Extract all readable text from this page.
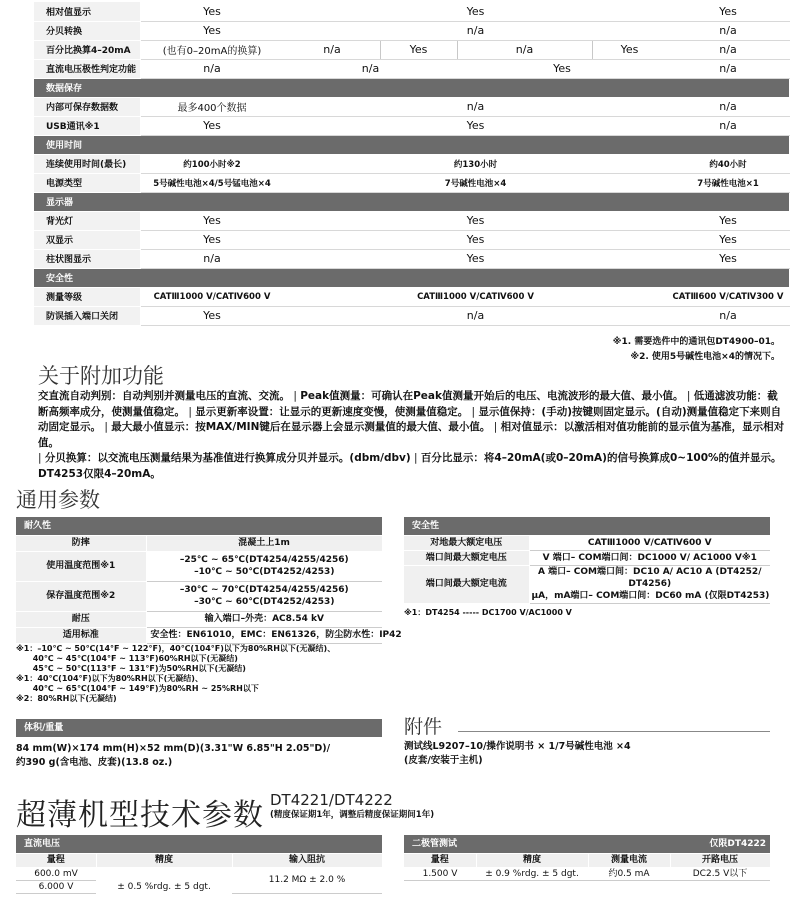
相对值显示	Yes	Yes				Yes
分贝转换	Yes	n/a				n/a
百分比换算4–20mA	(也有0–20mA的换算)	n/a	Yes	n/a	Yes	n/a
直流电压极性判定功能	n/a	n/a		Yes		n/a
数据保存						
内部可保存数据数	最多400个数据	n/a				n/a
USB通讯※1	Yes	Yes				n/a
使用时间						
连续使用时间(最长)	约100小时※2	约130小时				约40小时
电源类型	5号碱性电池×4/5号锰电池×4	7号碱性电池×4				7号碱性电池×1
显示器						
背光灯	Yes	Yes				Yes
双显示	Yes	Yes				Yes
柱状图显示	n/a	Yes				Yes
安全性						
测量等级	CATⅢ1000 V/CATⅣ600 V	CATⅢ1000 V/CATⅣ600 V				CATⅢ600 V/CATⅣ300 V
防误插入端口关闭	Yes	n/a				n/a
※1. 需要选件中的通讯包DT4900–01。
※2. 使用5号碱性电池×4的情况下。
关于附加功能
交直流自动判别：自动判别并测量电压的直流、交流。 | Peak值测量：可确认在Peak值测量开始后的电压、电流波形的最大值、最小值。 | 低通滤波功能：截断高频率成分，使测量值稳定。 | 显示更新率设置：让显示的更新速度变慢，使测量值稳定。 | 显示值保持：(手动)按键则固定显示。(自动)测量值稳定下来则自动固定显示。 | 最大最小值显示：按MAX/MIN键后在显示器上会显示测量值的最大值、最小值。 | 相对值显示：以激活相对值功能前的显示值为基准，显示相对值。
| 分贝换算：以交流电压测量结果为基准值进行换算成分贝并显示。(dbm/dbv) | 百分比显示：将4–20mA(或0–20mA)的信号换算成0~100%的值并显示。DT4253仅限4–20mA。
通用参数
耐久性	
防摔	混凝土上1m
使用温度范围※1	–25℃ ~ 65℃(DT4254/4255/4256)
–10℃ ~ 50℃(DT4252/4253)

保存温度范围※2	–30℃ ~ 70℃(DT4254/4255/4256)
–30℃ ~ 60℃(DT4252/4253)

耐压	输入端口–外壳：AC8.54 kV
适用标准	安全性：EN61010，EMC：EN61326，防尘防水性：IP42
※1：–10℃ ~ 50℃(14°F ~ 122°F)，40℃(104°F)以下为80%RH以下(无凝结)、
40℃ ~ 45℃(104°F ~ 113°F)60%RH以下(无凝结)
45℃ ~ 50℃(113°F ~ 131°F)为50%RH以下(无凝结)
※1：40℃(104°F)以下为80%RH以下(无凝结)、
40℃ ~ 65℃(104°F ~ 149°F)为80%RH ~ 25%RH以下
※2：80%RH以下(无凝结)
安全性	
对地最大额定电压	CATⅢ1000 V/CATⅣ600 V
端口间最大额定电压	V 端口– COM端口间：DC1000 V/ AC1000 V※1
端口间最大额定电流	A 端口– COM端口间：DC10 A/ AC10 A (DT4252/
DT4256)
μA，mA端口– COM端口间：DC60 mA (仅限DT4253)
※1：DT4254 ----- DC1700 V/AC1000 V
体积/重量
84 mm(W)×174 mm(H)×52 mm(D)(3.31"W 6.85"H 2.05"D)/
约390 g(含电池、皮套)(13.8 oz.)
附件
测试线L9207–10/操作说明书 × 1/7号碱性电池 ×4
(皮套/安装于主机)
超薄机型技术参数 DT4221/DT4222
(精度保证期1年，调整后精度保证期间1年)
直流电压		
量程	精度	输入阻抗
600.0 mV	± 0.5 %rdg. ± 5 dgt.	11.2 MΩ ± 2.0 %
6.000 V		

二极管测试		仅限DT4222	
量程	精度	测量电流	开路电压
1.500 V	± 0.9 %rdg. ± 5 dgt.	约0.5 mA	DC2.5 V以下
